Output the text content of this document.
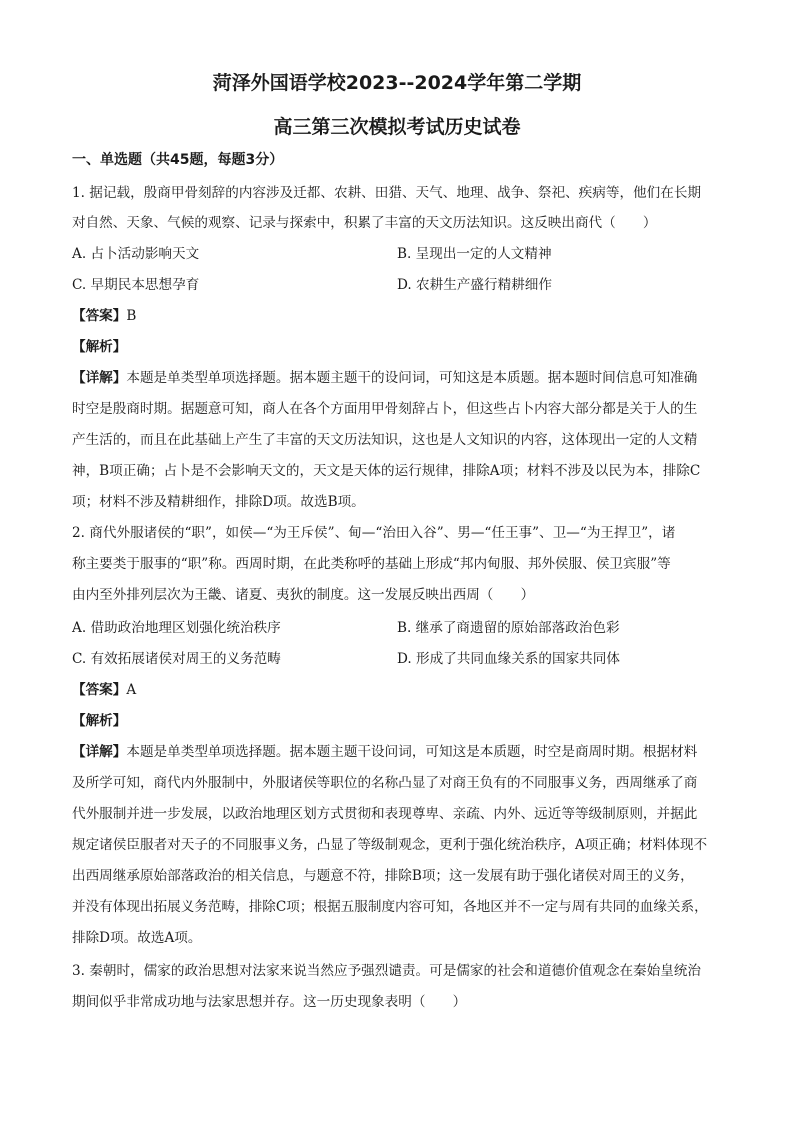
菏泽外国语学校2023--2024学年第二学期
高三第三次模拟考试历史试卷
一、单选题（共45题，每题3分）
1. 据记载，殷商甲骨刻辞的内容涉及迁都、农耕、田猎、天气、地理、战争、祭祀、疾病等，他们在长期
对自然、天象、气候的观察、记录与探索中，积累了丰富的天文历法知识。这反映出商代（　　）
A. 占卜活动影响天文	B. 呈现出一定的人文精神
C. 早期民本思想孕育	D. 农耕生产盛行精耕细作
【答案】B
【解析】
【详解】本题是单类型单项选择题。据本题主题干的设问词，可知这是本质题。据本题时间信息可知准确
时空是殷商时期。据题意可知，商人在各个方面用甲骨刻辞占卜，但这些占卜内容大部分都是关于人的生
产生活的，而且在此基础上产生了丰富的天文历法知识，这也是人文知识的内容，这体现出一定的人文精
神，B项正确；占卜是不会影响天文的，天文是天体的运行规律，排除A项；材料不涉及以民为本，排除C
项；材料不涉及精耕细作，排除D项。故选B项。
2. 商代外服诸侯的“职”，如侯—“为王斥侯”、甸—“治田入谷”、男—“任王事”、卫—“为王捍卫”，诸
称主要类于服事的“职”称。西周时期，在此类称呼的基础上形成“邦内甸服、邦外侯服、侯卫宾服”等
由内至外排列层次为王畿、诸夏、夷狄的制度。这一发展反映出西周（　　）
A. 借助政治地理区划强化统治秩序	B. 继承了商遗留的原始部落政治色彩
C. 有效拓展诸侯对周王的义务范畴	D. 形成了共同血缘关系的国家共同体
【答案】A
【解析】
【详解】本题是单类型单项选择题。据本题主题干设问词，可知这是本质题，时空是商周时期。根据材料
及所学可知，商代内外服制中，外服诸侯等职位的名称凸显了对商王负有的不同服事义务，西周继承了商
代外服制并进一步发展，以政治地理区划方式贯彻和表现尊卑、亲疏、内外、远近等等级制原则，并据此
规定诸侯臣服者对天子的不同服事义务，凸显了等级制观念，更利于强化统治秩序，A项正确；材料体现不
出西周继承原始部落政治的相关信息，与题意不符，排除B项；这一发展有助于强化诸侯对周王的义务，
并没有体现出拓展义务范畴，排除C项；根据五服制度内容可知，各地区并不一定与周有共同的血缘关系，
排除D项。故选A项。
3. 秦朝时，儒家的政治思想对法家来说当然应予强烈谴责。可是儒家的社会和道德价值观念在秦始皇统治
期间似乎非常成功地与法家思想并存。这一历史现象表明（　　）
